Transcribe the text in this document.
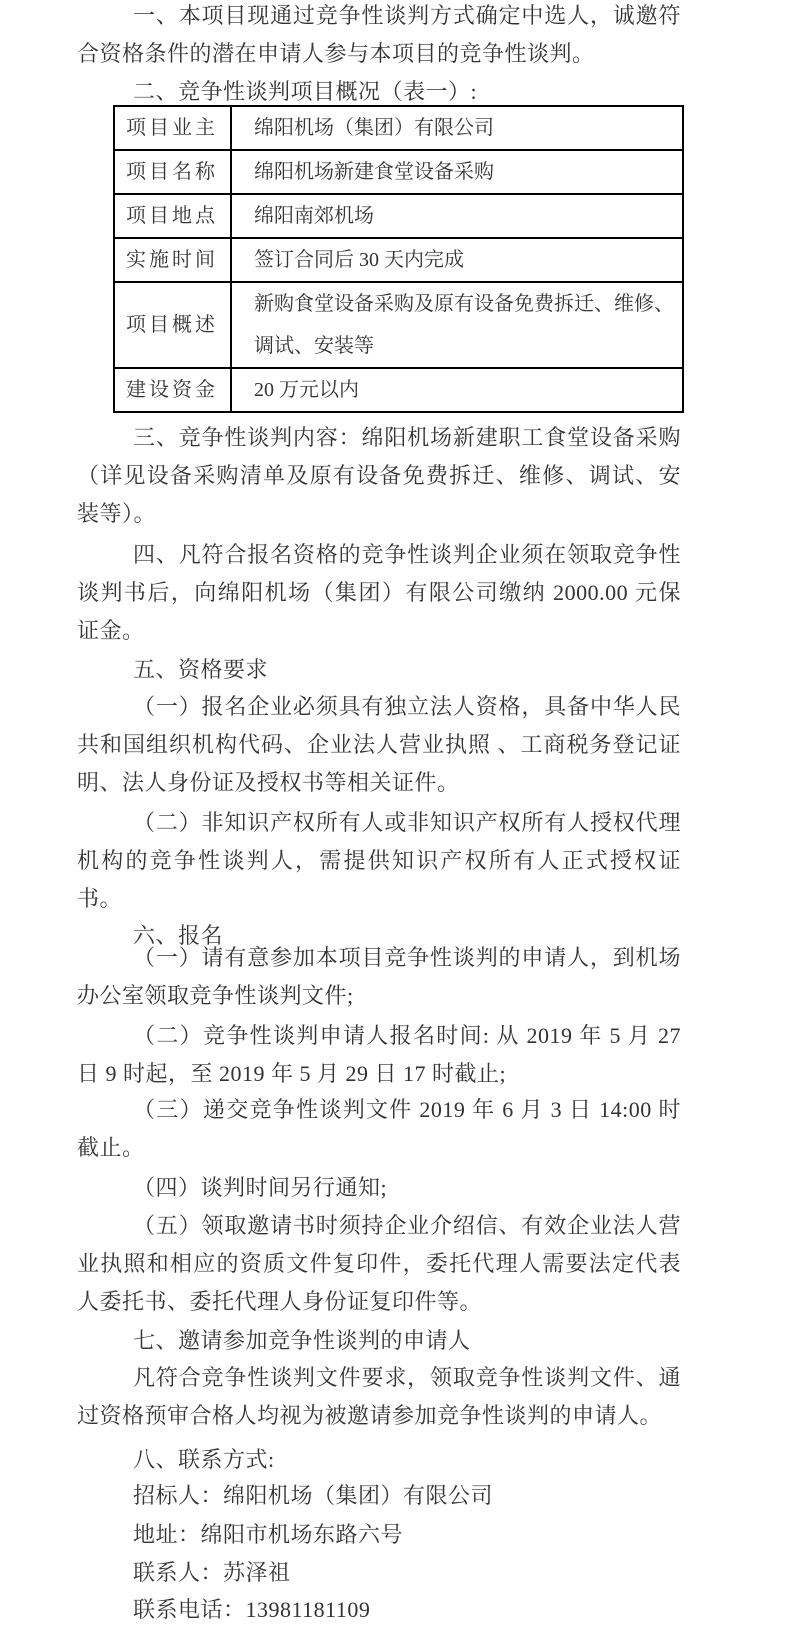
一、本项目现通过竞争性谈判方式确定中选人，诚邀符合资格条件的潜在申请人参与本项目的竞争性谈判。

二、竞争性谈判项目概况（表一）:

项目业主	绵阳机场（集团）有限公司
项目名称	绵阳机场新建食堂设备采购
项目地点	绵阳南郊机场
实施时间	签订合同后 30 天内完成
项目概述	新购食堂设备采购及原有设备免费拆迁、维修、调试、安装等
建设资金	20 万元以内

三、竞争性谈判内容：绵阳机场新建职工食堂设备采购（详见设备采购清单及原有设备免费拆迁、维修、调试、安装等）。

四、凡符合报名资格的竞争性谈判企业须在领取竞争性谈判书后，向绵阳机场（集团）有限公司缴纳 2000.00 元保证金。

五、资格要求

（一）报名企业必须具有独立法人资格，具备中华人民共和国组织机构代码、企业法人营业执照 、工商税务登记证明、法人身份证及授权书等相关证件。

（二）非知识产权所有人或非知识产权所有人授权代理机构的竞争性谈判人，需提供知识产权所有人正式授权证书。

六、报名

（一）请有意参加本项目竞争性谈判的申请人，到机场办公室领取竞争性谈判文件;

（二）竞争性谈判申请人报名时间: 从 2019 年 5 月 27 日 9 时起，至 2019 年 5 月 29 日 17 时截止;

（三）递交竞争性谈判文件 2019 年 6 月 3 日 14:00 时截止。

（四）谈判时间另行通知;

（五）领取邀请书时须持企业介绍信、有效企业法人营业执照和相应的资质文件复印件，委托代理人需要法定代表人委托书、委托代理人身份证复印件等。

七、邀请参加竞争性谈判的申请人

凡符合竞争性谈判文件要求，领取竞争性谈判文件、通过资格预审合格人均视为被邀请参加竞争性谈判的申请人。

八、联系方式:

招标人：绵阳机场（集团）有限公司

地址：绵阳市机场东路六号

联系人：苏泽祖

联系电话：13981181109
